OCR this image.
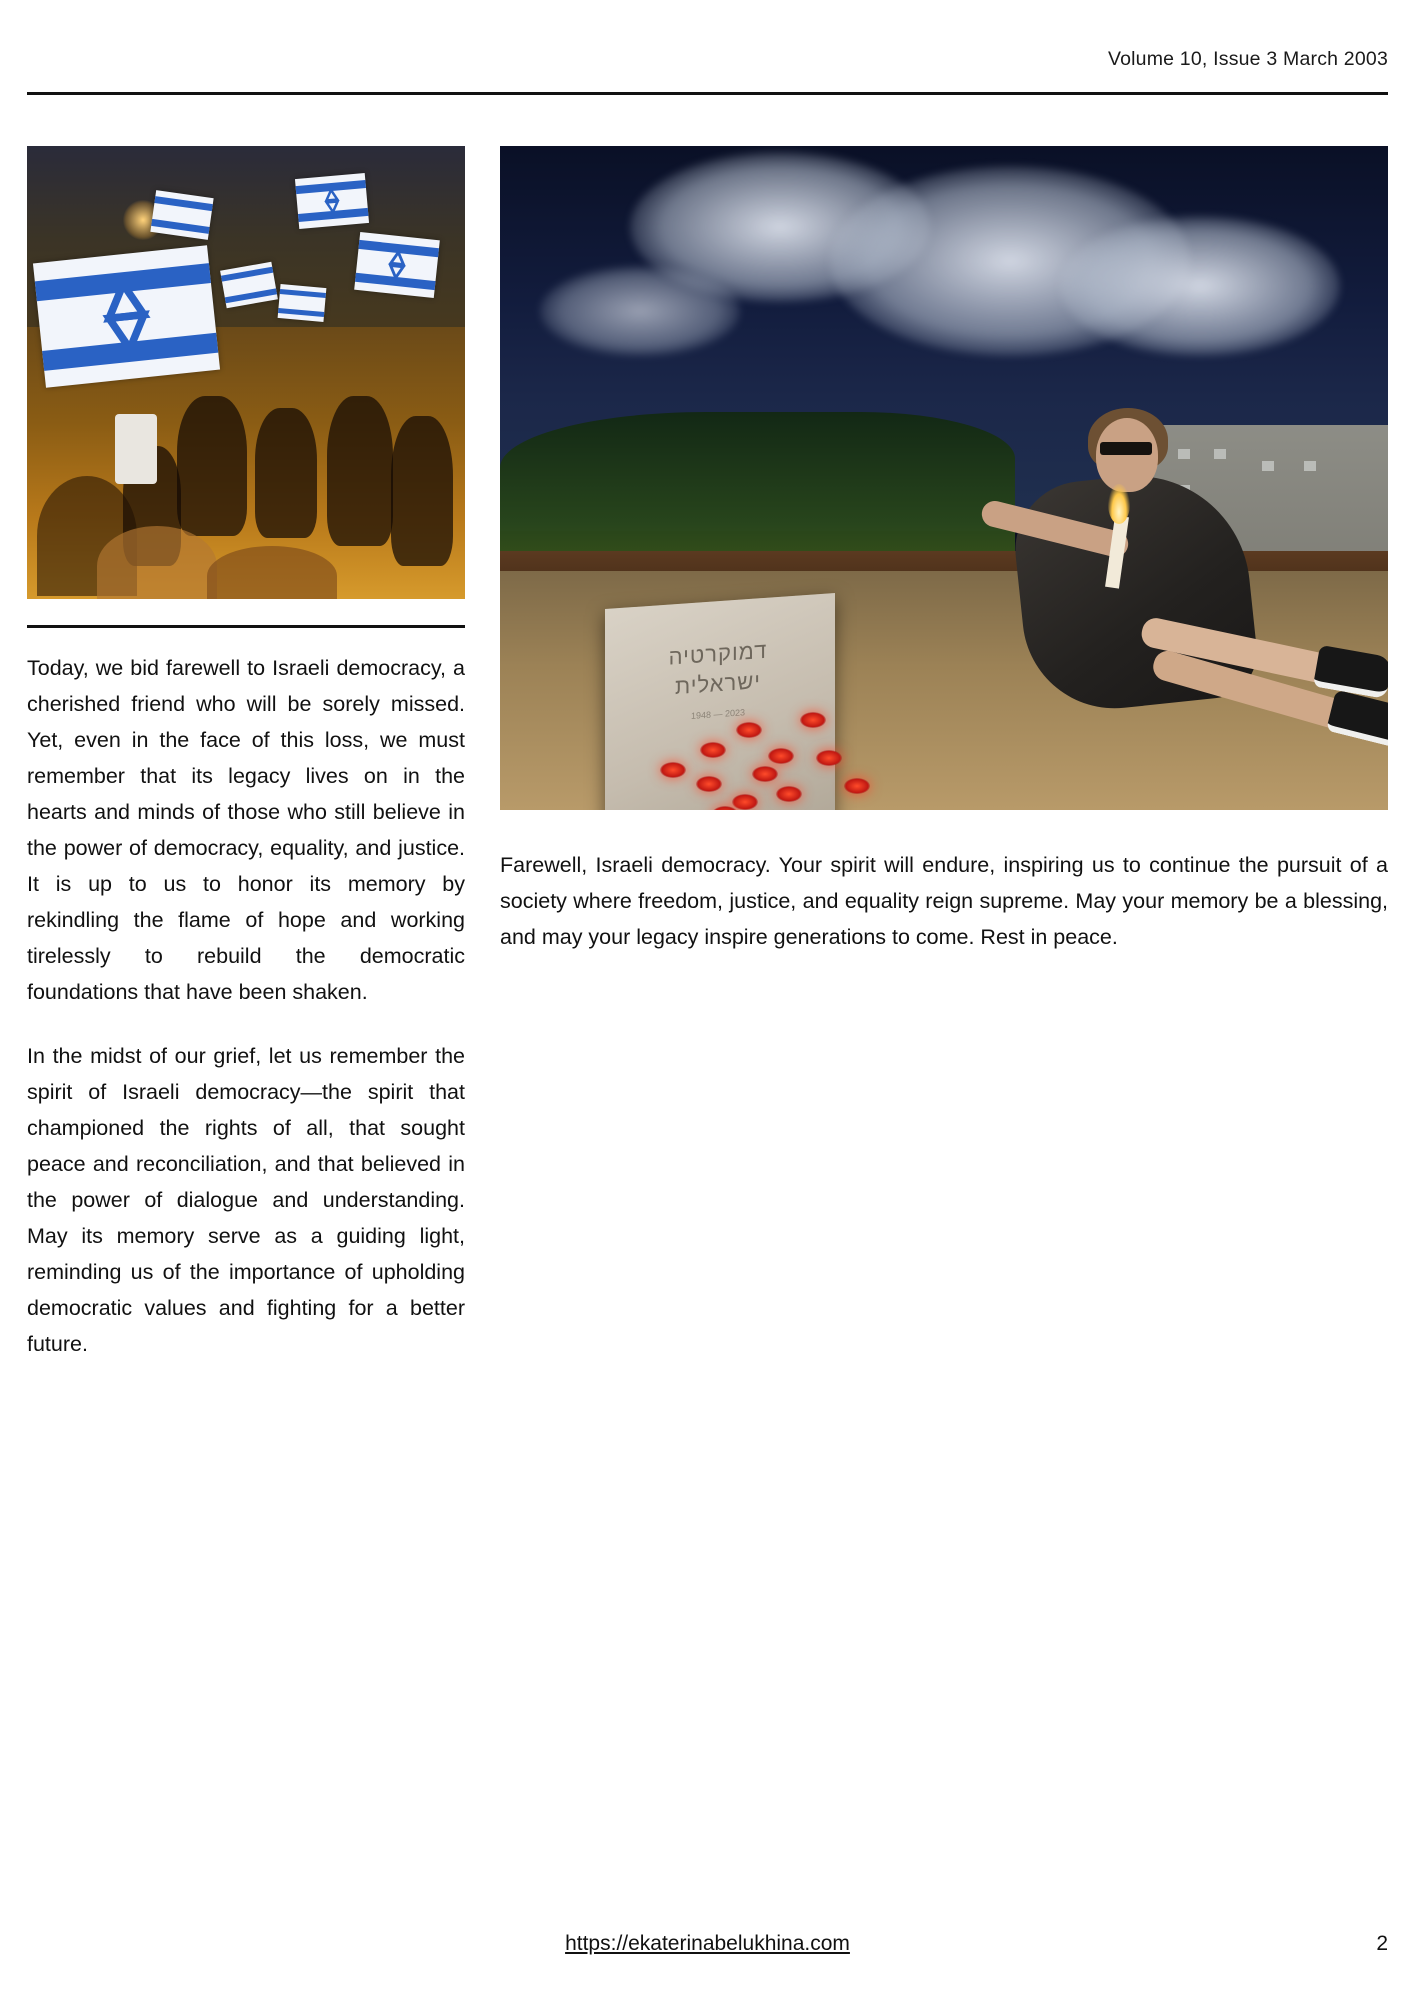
Volume 10, Issue 3 March 2003

Today, we bid farewell to Israeli democracy, a cherished friend who will be sorely missed. Yet, even in the face of this loss, we must remember that its legacy lives on in the hearts and minds of those who still believe in the power of democracy, equality, and justice. It is up to us to honor its memory by rekindling the flame of hope and working tirelessly to rebuild the democratic foundations that have been shaken.

In the midst of our grief, let us remember the spirit of Israeli democracy—the spirit that championed the rights of all, that sought peace and reconciliation, and that believed in the power of dialogue and understanding. May its memory serve as a guiding light, reminding us of the importance of upholding democratic values and fighting for a better future.

דמוקרטיה
ישראלית
1948 — 2023
Farewell, Israeli democracy. Your spirit will endure, inspiring us to continue the pursuit of a society where freedom, justice, and equality reign supreme. May your memory be a blessing, and may your legacy inspire generations to come. Rest in peace.
https://ekaterinabelukhina.com	2
